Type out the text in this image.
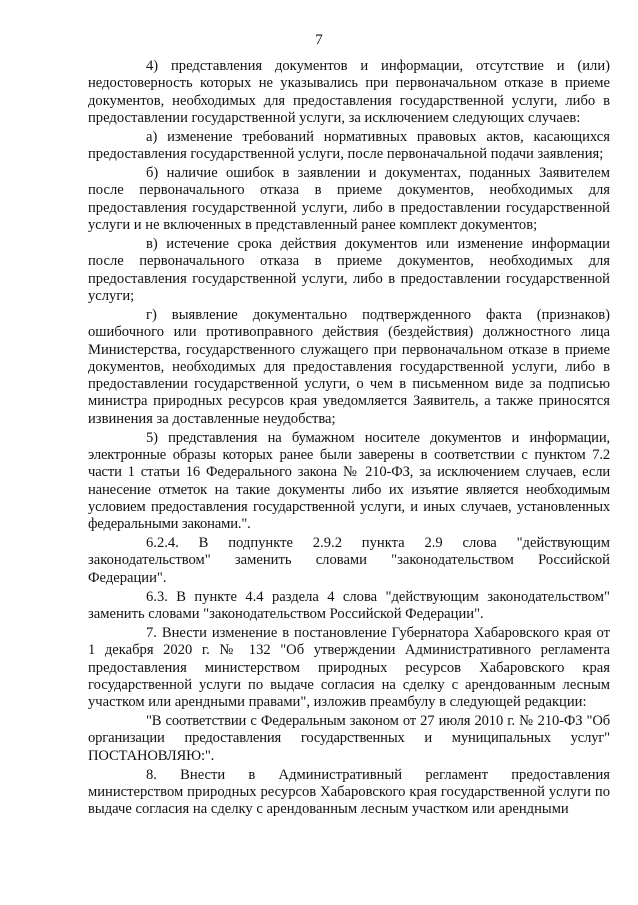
7

4) представления документов и информации, отсутствие и (или) недостоверность которых не указывались при первоначальном отказе в приеме документов, необходимых для предоставления государственной услуги, либо в предоставлении государственной услуги, за исключением следующих случаев:

а) изменение требований нормативных правовых актов, касающихся предоставления государственной услуги, после первоначальной подачи заявления;

б) наличие ошибок в заявлении и документах, поданных Заявителем после первоначального отказа в приеме документов, необходимых для предоставления государственной услуги, либо в предоставлении государственной услуги и не включенных в представленный ранее комплект документов;

в) истечение срока действия документов или изменение информации после первоначального отказа в приеме документов, необходимых для предоставления государственной услуги, либо в предоставлении государственной услуги;

г) выявление документально подтвержденного факта (признаков) ошибочного или противоправного действия (бездействия) должностного лица Министерства, государственного служащего при первоначальном отказе в приеме документов, необходимых для предоставления государственной услуги, либо в предоставлении государственной услуги, о чем в письменном виде за подписью министра природных ресурсов края уведомляется Заявитель, а также приносятся извинения за доставленные неудобства;

5) представления на бумажном носителе документов и информации, электронные образы которых ранее были заверены в соответствии с пунктом 7.2 части 1 статьи 16 Федерального закона № 210-ФЗ, за исключением случаев, если нанесение отметок на такие документы либо их изъятие является необходимым условием предоставления государственной услуги, и иных случаев, установленных федеральными законами.".

6.2.4. В подпункте 2.9.2 пункта 2.9 слова "действующим законодательством" заменить словами "законодательством Российской Федерации".

6.3. В пункте 4.4 раздела 4 слова "действующим законодательством" заменить словами "законодательством Российской Федерации".

7. Внести изменение в постановление Губернатора Хабаровского края от 1 декабря 2020 г. № 132 "Об утверждении Административного регламента предоставления министерством природных ресурсов Хабаровского края государственной услуги по выдаче согласия на сделку с арендованным лесным участком или арендными правами", изложив преамбулу в следующей редакции:

"В соответствии с Федеральным законом от 27 июля 2010 г. № 210-ФЗ "Об организации предоставления государственных и муниципальных услуг" ПОСТАНОВЛЯЮ:".

8. Внести в Административный регламент предоставления министерством природных ресурсов Хабаровского края государственной услуги по выдаче согласия на сделку с арендованным лесным участком или арендными
